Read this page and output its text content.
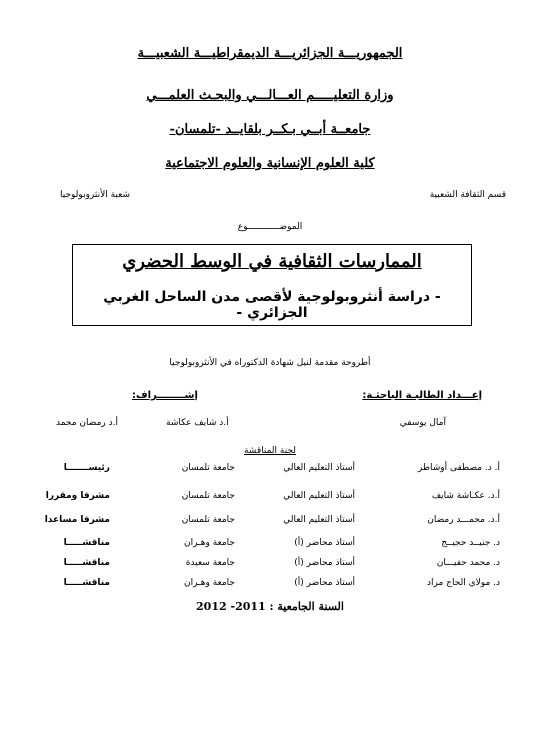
الجمهوريـــة الجزائريـــة الديمقراطيـــة الشعبيـــة
وزارة التعليـــــم العـــالـــي والبحـث العلمـــي
جامعــة أبــي بـكــر بلقايــد -تلمسان-
كلية العلوم الإنسانية والعلوم الاجتماعية
قسم الثقافة الشعبية
شعبة الأنثروبولوجيا
الموضــــــــــــوع
الممارسات الثقافية في الوسط الحضري
- دراسة أنثروبولوجية لأقصى مدن الساحل الغربي الجزائري -
أطروحة مقدمة لنيل شهادة الدكتوراه في الأنثروبولوجيا
إعـــداد الطالبـة الباحثـة:
إشــــــــراف:
آمال يوسفي
أ.د شايف عكاشة
أ.د رمضان محمد
لجنة المناقشة
أ. د. مصطفى أوشاطر
أستاذ التعليم العالي
جامعة تلمسان
رئيســـــــا
أ.د. عكـاشة شايف
أستاذ التعليم العالي
جامعة تلمسان
مشرفا ومقررا
أ.د. محمـــد رمضان
أستاذ التعليم العالي
جامعة تلمسان
مشرفا مساعدا
د. جنيــد حجيــج
أستاذ محاضر (أ)
جامعة وهـران
مناقشـــــا
د. محمد حفيـــان
أستاذ محاضر (أ)
جامعة سعيدة
مناقشـــــا
د. مولاي الحاج مراد
أستاذ محاضر (أ)
جامعة وهـران
مناقشـــــا
السنة الجامعية : 2011- 2012
